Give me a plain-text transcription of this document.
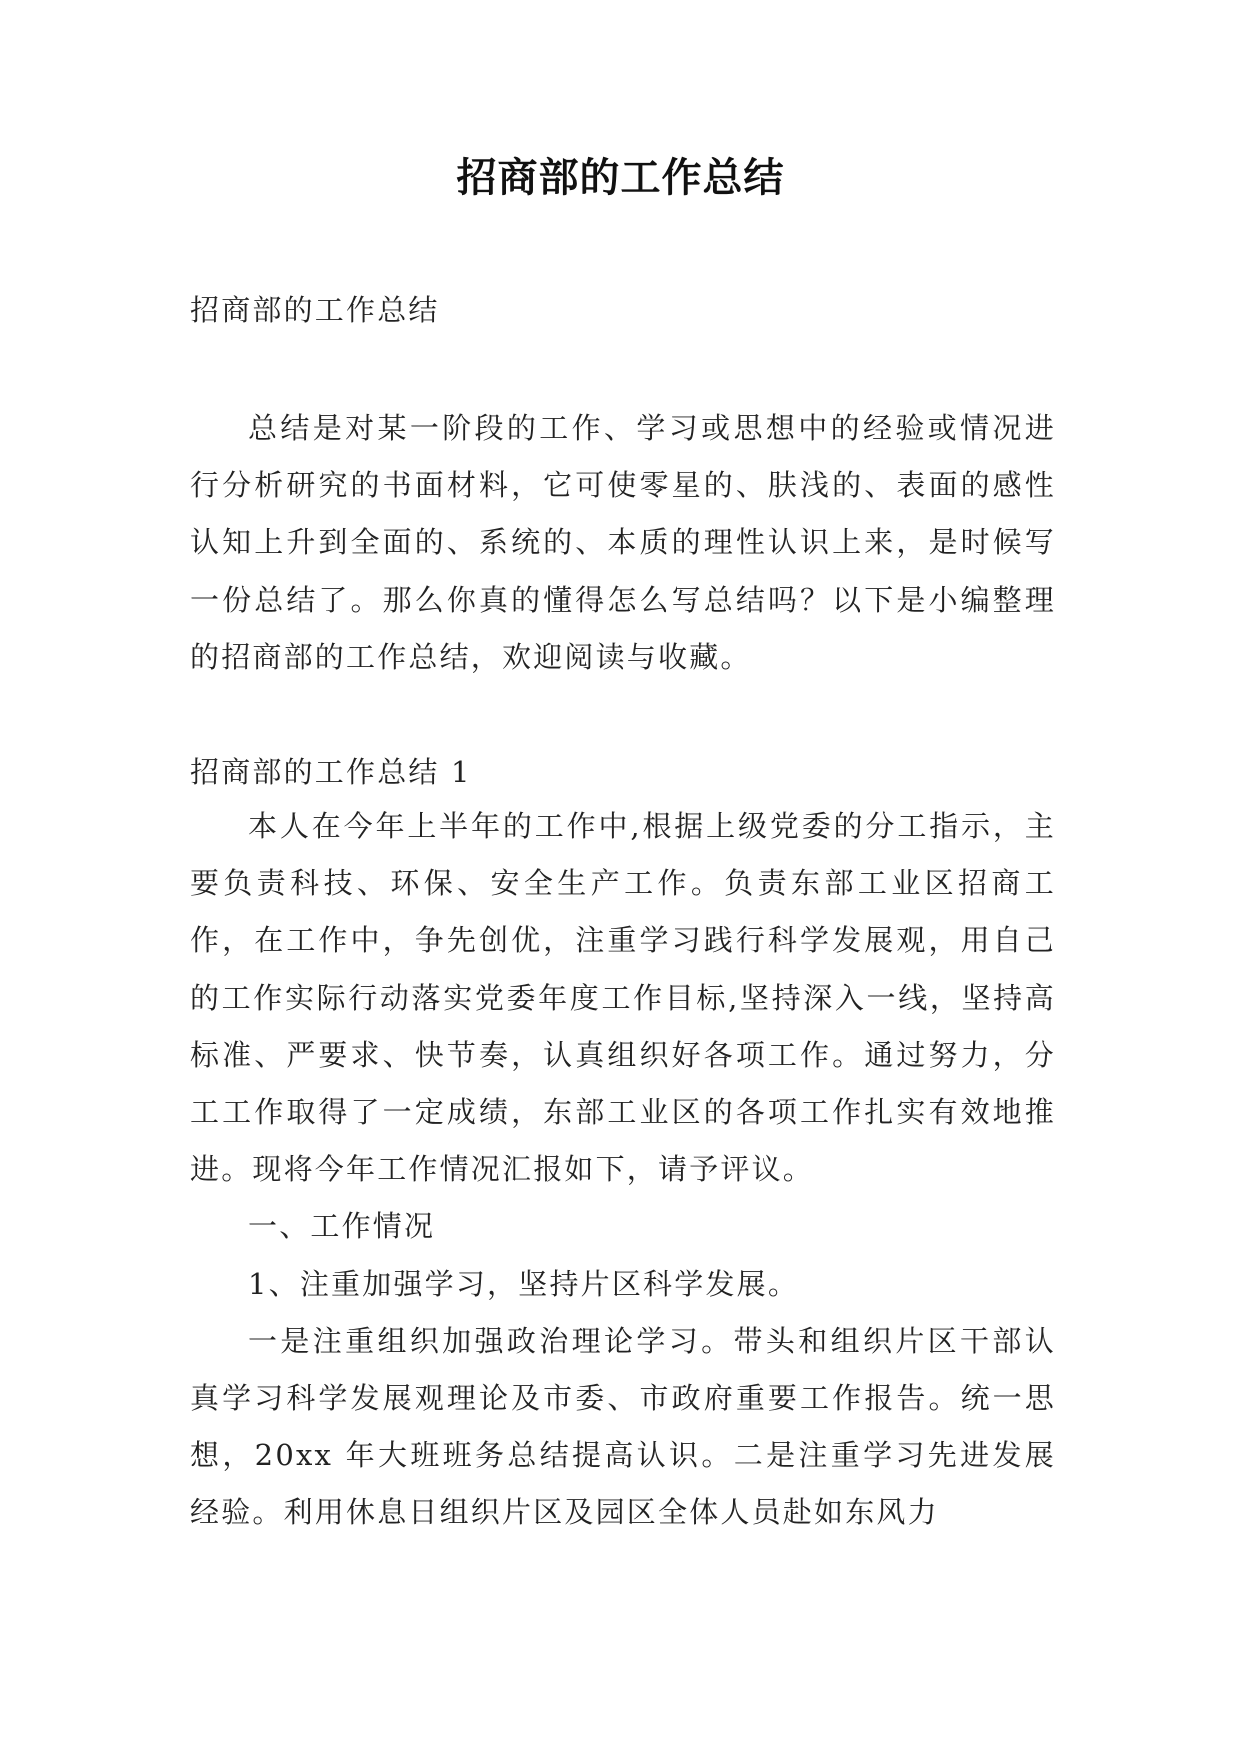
招商部的工作总结
招商部的工作总结

总结是对某一阶段的工作、学习或思想中的经验或情况进行分析研究的书面材料，它可使零星的、肤浅的、表面的感性认知上升到全面的、系统的、本质的理性认识上来，是时候写一份总结了。那么你真的懂得怎么写总结吗？以下是小编整理的招商部的工作总结，欢迎阅读与收藏。

招商部的工作总结 1

本人在今年上半年的工作中,根据上级党委的分工指示，主要负责科技、环保、安全生产工作。负责东部工业区招商工作，在工作中，争先创优，注重学习践行科学发展观，用自己的工作实际行动落实党委年度工作目标,坚持深入一线，坚持高标准、严要求、快节奏，认真组织好各项工作。通过努力，分工工作取得了一定成绩，东部工业区的各项工作扎实有效地推进。现将今年工作情况汇报如下，请予评议。

一、工作情况

1、注重加强学习，坚持片区科学发展。

一是注重组织加强政治理论学习。带头和组织片区干部认真学习科学发展观理论及市委、市政府重要工作报告。统一思想，20xx 年大班班务总结提高认识。二是注重学习先进发展经验。利用休息日组织片区及园区全体人员赴如东风力
